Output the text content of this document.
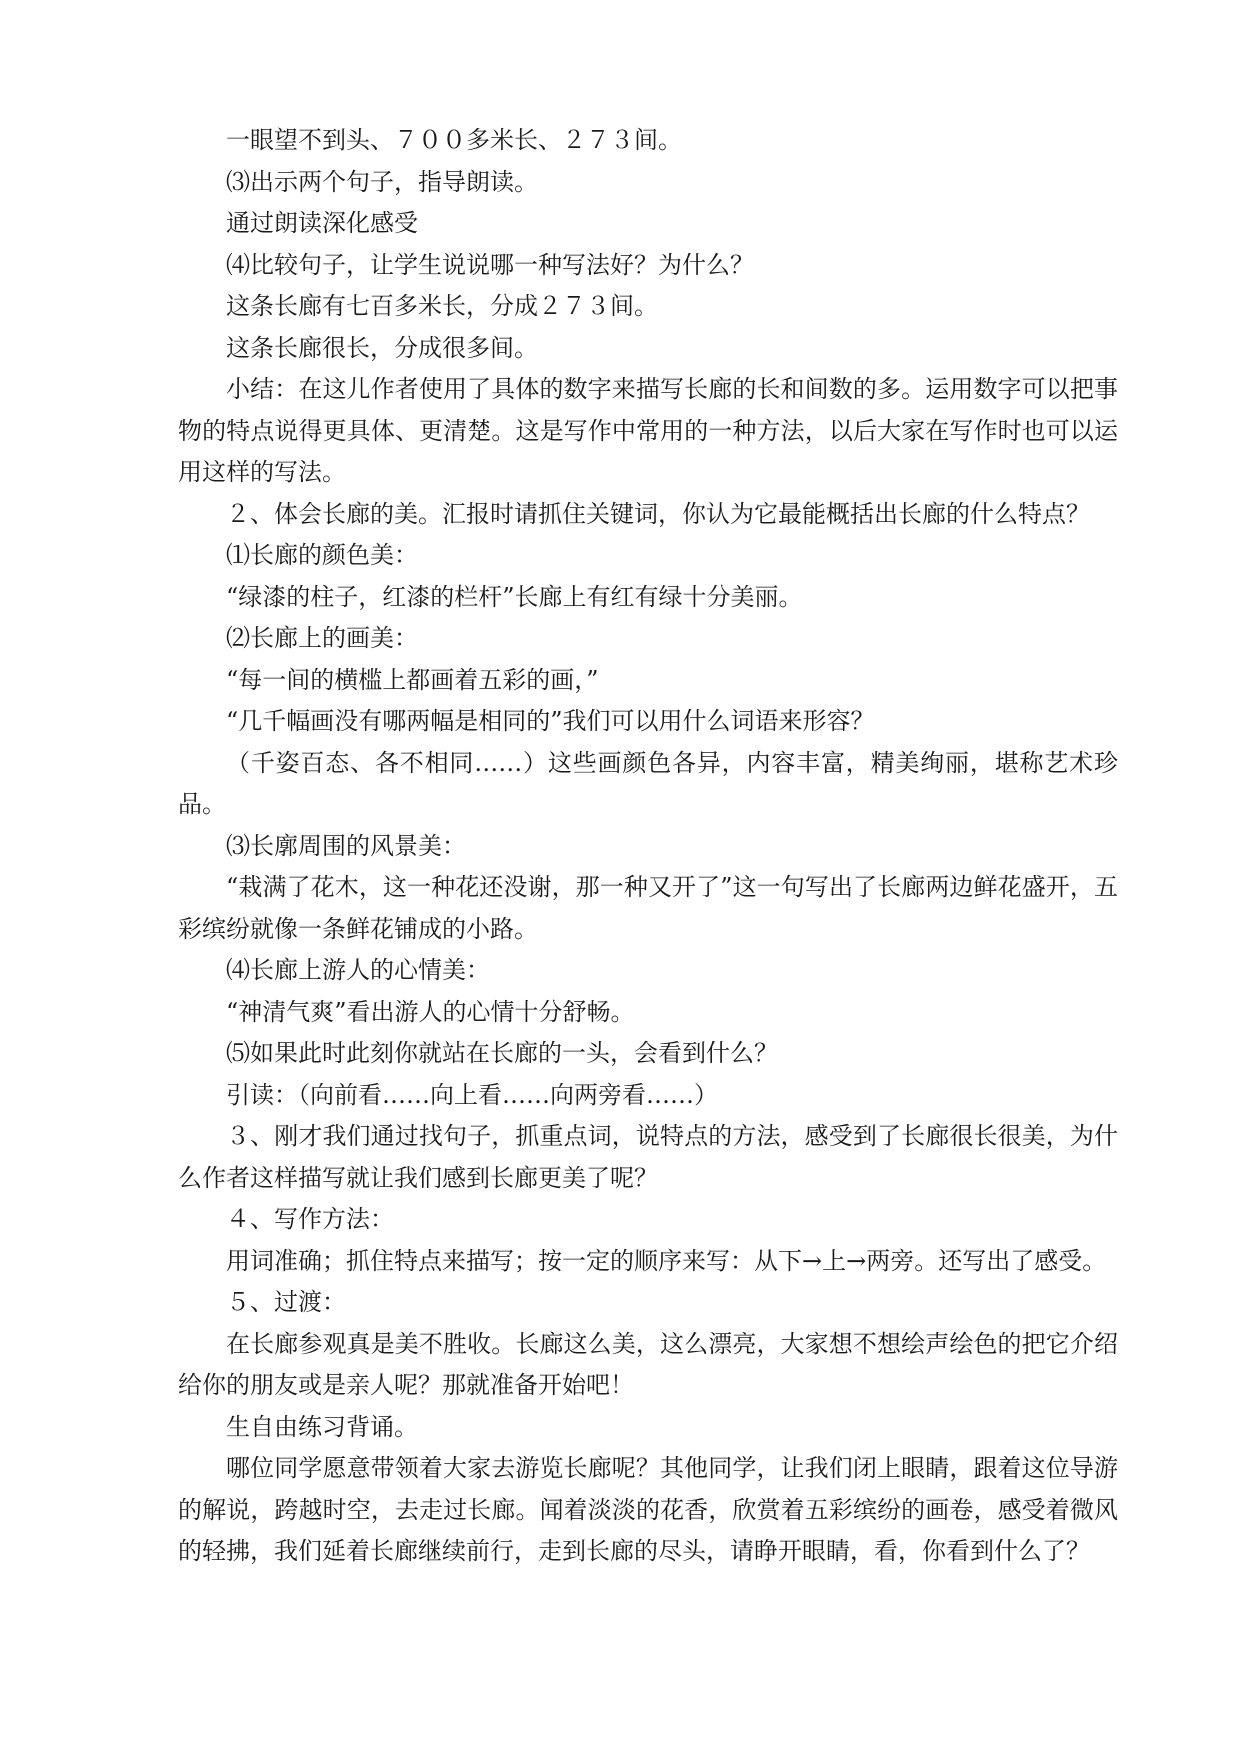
一眼望不到头、７００多米长、２７３间。

⑶出示两个句子，指导朗读。

通过朗读深化感受

⑷比较句子，让学生说说哪一种写法好？为什么？

这条长廊有七百多米长，分成２７３间。

这条长廊很长，分成很多间。

小结：在这儿作者使用了具体的数字来描写长廊的长和间数的多。运用数字可以把事物的特点说得更具体、更清楚。这是写作中常用的一种方法，以后大家在写作时也可以运用这样的写法。

２、体会长廊的美。汇报时请抓住关键词，你认为它最能概括出长廊的什么特点？

⑴长廊的颜色美：

“绿漆的柱子，红漆的栏杆”长廊上有红有绿十分美丽。

⑵长廊上的画美：

“每一间的横槛上都画着五彩的画，”

“几千幅画没有哪两幅是相同的”我们可以用什么词语来形容？

（千姿百态、各不相同……）这些画颜色各异，内容丰富，精美绚丽，堪称艺术珍品。

⑶长廓周围的风景美：

“栽满了花木，这一种花还没谢，那一种又开了”这一句写出了长廊两边鲜花盛开，五彩缤纷就像一条鲜花铺成的小路。

⑷长廊上游人的心情美：

“神清气爽”看出游人的心情十分舒畅。

⑸如果此时此刻你就站在长廊的一头，会看到什么？

引读：（向前看……向上看……向两旁看……）

３、刚才我们通过找句子，抓重点词，说特点的方法，感受到了长廊很长很美，为什么作者这样描写就让我们感到长廊更美了呢？

４、写作方法：

用词准确；抓住特点来描写；按一定的顺序来写：从下→上→两旁。还写出了感受。

５、过渡：

在长廊参观真是美不胜收。长廊这么美，这么漂亮，大家想不想绘声绘色的把它介绍给你的朋友或是亲人呢？那就准备开始吧！

生自由练习背诵。

哪位同学愿意带领着大家去游览长廊呢？其他同学，让我们闭上眼睛，跟着这位导游的解说，跨越时空，去走过长廊。闻着淡淡的花香，欣赏着五彩缤纷的画卷，感受着微风的轻拂，我们延着长廊继续前行，走到长廊的尽头，请睁开眼睛，看，你看到什么了？
